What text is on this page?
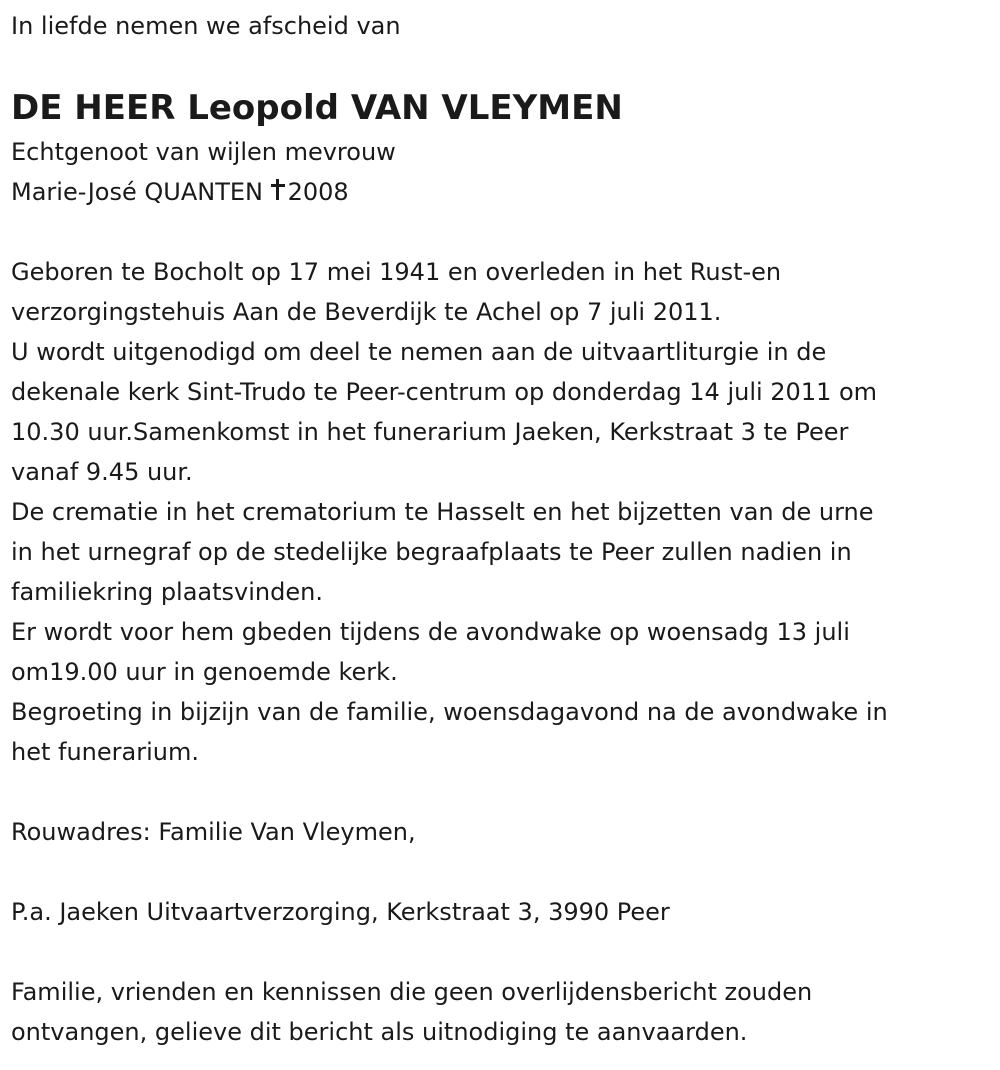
In liefde nemen we afscheid van
DE HEER Leopold VAN VLEYMEN
Echtgenoot van wijlen mevrouw
Marie-José QUANTEN 2008
Geboren te Bocholt op 17 mei 1941 en overleden in het Rust-en
verzorgingstehuis Aan de Beverdijk te Achel op 7 juli 2011.
U wordt uitgenodigd om deel te nemen aan de uitvaartliturgie in de
dekenale kerk Sint-Trudo te Peer-centrum op donderdag 14 juli 2011 om
10.30 uur.Samenkomst in het funerarium Jaeken, Kerkstraat 3 te Peer
vanaf 9.45 uur.
De crematie in het crematorium te Hasselt en het bijzetten van de urne
in het urnegraf op de stedelijke begraafplaats te Peer zullen nadien in
familiekring plaatsvinden.
Er wordt voor hem gbeden tijdens de avondwake op woensadg 13 juli
om19.00 uur in genoemde kerk.
Begroeting in bijzijn van de familie, woensdagavond na de avondwake in
het funerarium.
Rouwadres: Familie Van Vleymen,
P.a. Jaeken Uitvaartverzorging, Kerkstraat 3, 3990 Peer
Familie, vrienden en kennissen die geen overlijdensbericht zouden
ontvangen, gelieve dit bericht als uitnodiging te aanvaarden.
